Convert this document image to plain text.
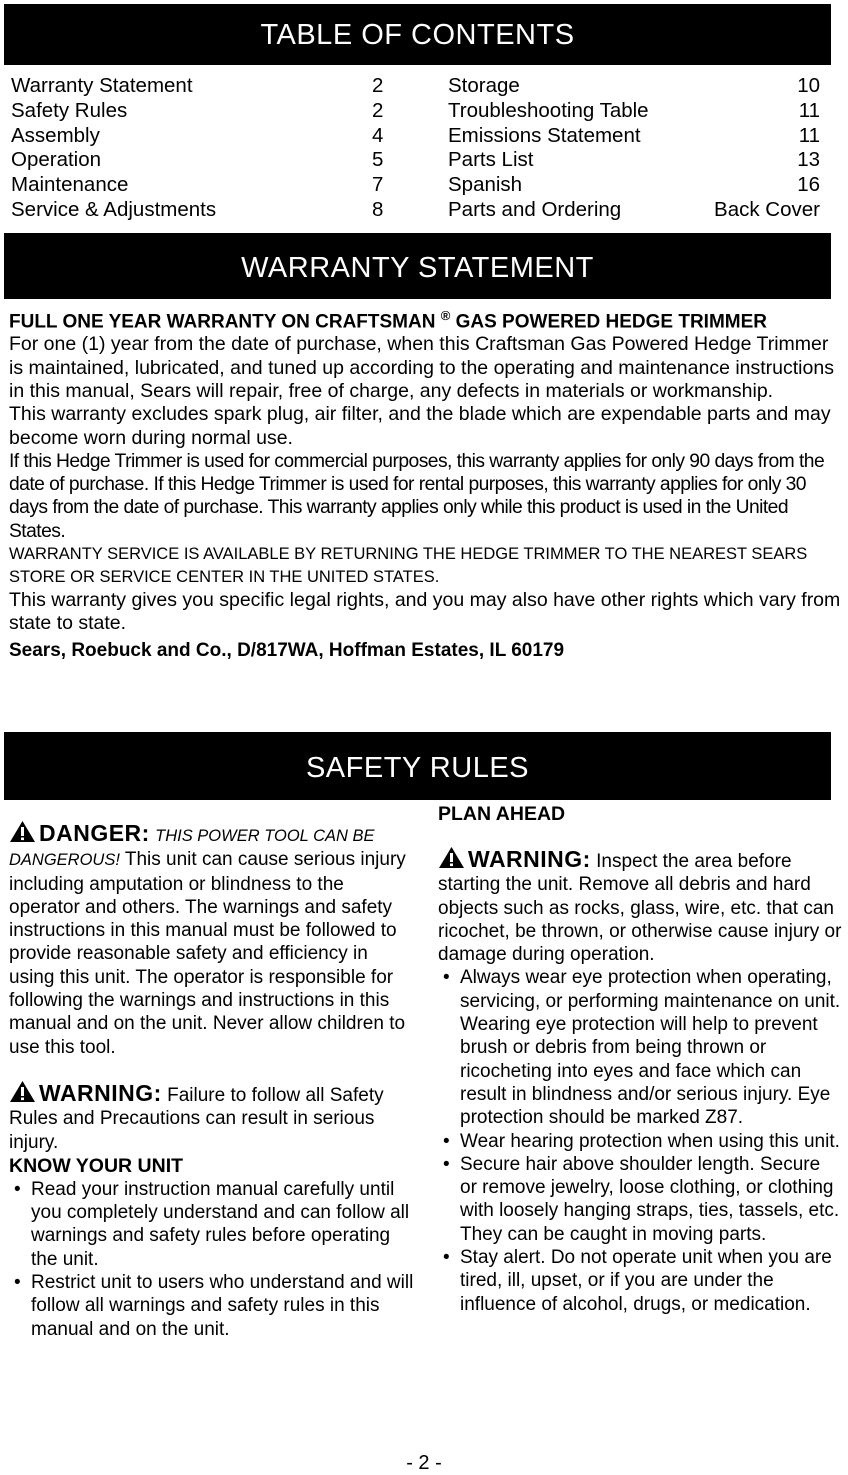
TABLE OF CONTENTS
Warranty Statement	2
Safety Rules	2
Assembly	4
Operation	5
Maintenance	7
Service & Adjustments	8
Storage	10
Troubleshooting Table	11
Emissions Statement	11
Parts List	13
Spanish	16
Parts and Ordering	Back Cover
WARRANTY STATEMENT
FULL ONE YEAR WARRANTY ON CRAFTSMAN ® GAS POWERED HEDGE TRIMMER

For one (1) year from the date of purchase, when this Craftsman Gas Powered Hedge Trimmer is maintained, lubricated, and tuned up according to the operating and maintenance instructions in this manual, Sears will repair, free of charge, any defects in materials or workmanship.

This warranty excludes spark plug, air filter, and the blade which are expendable parts and may become worn during normal use.

If this Hedge Trimmer is used for commercial purposes, this warranty applies for only 90 days from the date of purchase. If this Hedge Trimmer is used for rental purposes, this warranty applies for only 30 days from the date of purchase. This warranty applies only while this product is used in the United States.

WARRANTY SERVICE IS AVAILABLE BY RETURNING THE HEDGE TRIMMER TO THE NEAREST SEARS STORE OR SERVICE CENTER IN THE UNITED STATES.

This warranty gives you specific legal rights, and you may also have other rights which vary from state to state.

Sears, Roebuck and Co., D/817WA, Hoffman Estates, IL 60179
SAFETY RULES

DANGER: THIS POWER TOOL CAN BE DANGEROUS! This unit can cause serious injury including amputation or blindness to the operator and others. The warnings and safety instructions in this manual must be followed to provide reasonable safety and efficiency in using this unit. The operator is responsible for following the warnings and instructions in this manual and on the unit. Never allow children to use this tool.

WARNING: Failure to follow all Safety Rules and Precautions can result in serious injury.

KNOW YOUR UNIT

• Read your instruction manual carefully until you completely understand and can follow all warnings and safety rules before operating the unit.
• Restrict unit to users who understand and will follow all warnings and safety rules in this manual and on the unit.

PLAN AHEAD

WARNING: Inspect the area before starting the unit. Remove all debris and hard objects such as rocks, glass, wire, etc. that can ricochet, be thrown, or otherwise cause injury or damage during operation.

• Always wear eye protection when operating, servicing, or performing maintenance on unit. Wearing eye protection will help to prevent brush or debris from being thrown or ricocheting into eyes and face which can result in blindness and/or serious injury. Eye protection should be marked Z87.
• Wear hearing protection when using this unit.
• Secure hair above shoulder length. Secure or remove jewelry, loose clothing, or clothing with loosely hanging straps, ties, tassels, etc. They can be caught in moving parts.
• Stay alert. Do not operate unit when you are tired, ill, upset, or if you are under the influence of alcohol, drugs, or medication.
- 2 -
